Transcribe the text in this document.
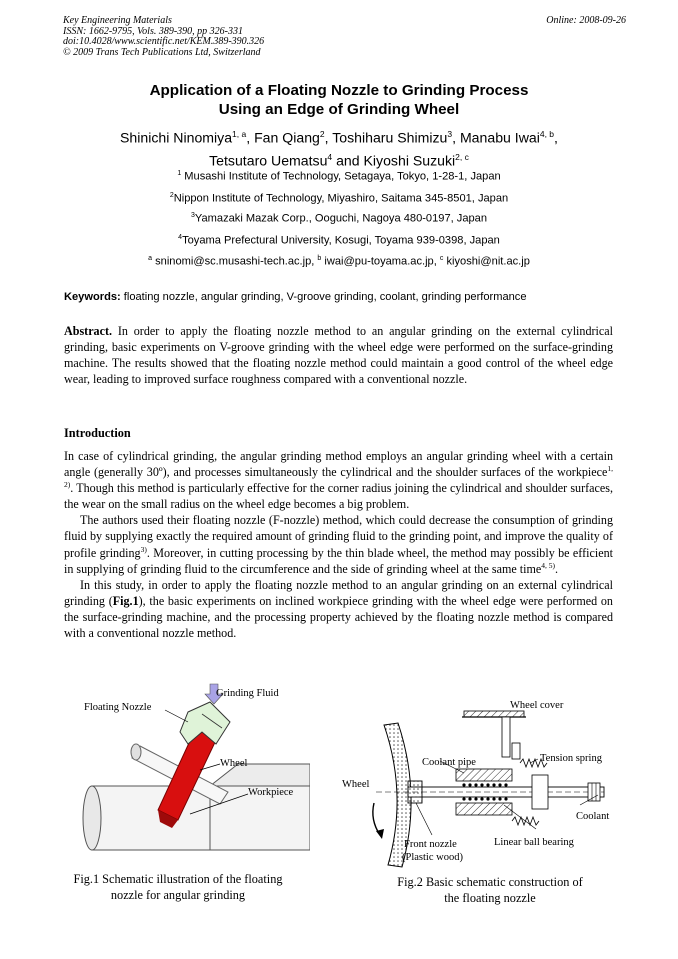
Key Engineering Materials
ISSN: 1662-9795, Vols. 389-390, pp 326-331
doi:10.4028/www.scientific.net/KEM.389-390.326
© 2009 Trans Tech Publications Ltd, Switzerland
Online: 2008-09-26
Application of a Floating Nozzle to Grinding Process
Using an Edge of Grinding Wheel
Shinichi Ninomiya$^{1, a}$, Fan Qiang$^2$, Toshiharu Shimizu$^3$, Manabu Iwai$^{4, b}$,
Tetsutaro Uematsu$^4$ and Kiyoshi Suzuki$^{2, c}$
$^1$ Musashi Institute of Technology, Setagaya, Tokyo, 1-28-1, Japan
$^2$Nippon Institute of Technology, Miyashiro, Saitama 345-8501, Japan
$^3$Yamazaki Mazak Corp., Ooguchi, Nagoya 480-0197, Japan
$^4$Toyama Prefectural University, Kosugi, Toyama 939-0398, Japan
$^a$ sninomi@sc.musashi-tech.ac.jp, $^b$ iwai@pu-toyama.ac.jp, $^c$ kiyoshi@nit.ac.jp
Keywords: floating nozzle, angular grinding, V-groove grinding, coolant, grinding performance

Abstract. In order to apply the floating nozzle method to an angular grinding on the external cylindrical grinding, basic experiments on V-groove grinding with the wheel edge were performed on the surface-grinding machine. The results showed that the floating nozzle method could maintain a good control of the wheel edge wear, leading to improved surface roughness compared with a conventional nozzle.

Introduction

In case of cylindrical grinding, the angular grinding method employs an angular grinding wheel with a certain angle (generally 30º), and processes simultaneously the cylindrical and the shoulder surfaces of the workpiece$^{1, 2)}$. Though this method is particularly effective for the corner radius joining the cylindrical and shoulder surfaces, the wear on the small radius on the wheel edge becomes a big problem.

The authors used their floating nozzle (F-nozzle) method, which could decrease the consumption of grinding fluid by supplying exactly the required amount of grinding fluid to the grinding point, and improve the quality of profile grinding$^{3)}$. Moreover, in cutting processing by the thin blade wheel, the method may possibly be efficient in supplying of grinding fluid to the circumference and the side of grinding wheel at the same time$^{4, 5)}$.

In this study, in order to apply the floating nozzle method to an angular grinding on an external cylindrical grinding (Fig.1), the basic experiments on inclined workpiece grinding with the wheel edge were performed on the surface-grinding machine, and the processing property achieved by the floating nozzle method is compared with a conventional nozzle method.

Floating Nozzle
Grinding Fluid
Wheel
Workpiece
Fig.1 Schematic illustration of the floating
nozzle for angular grinding
Wheel cover
Tension spring
Coolant pipe
Wheel
Coolant
Linear ball bearing
Front nozzle
(Plastic wood)
Fig.2 Basic schematic construction of
the floating nozzle
